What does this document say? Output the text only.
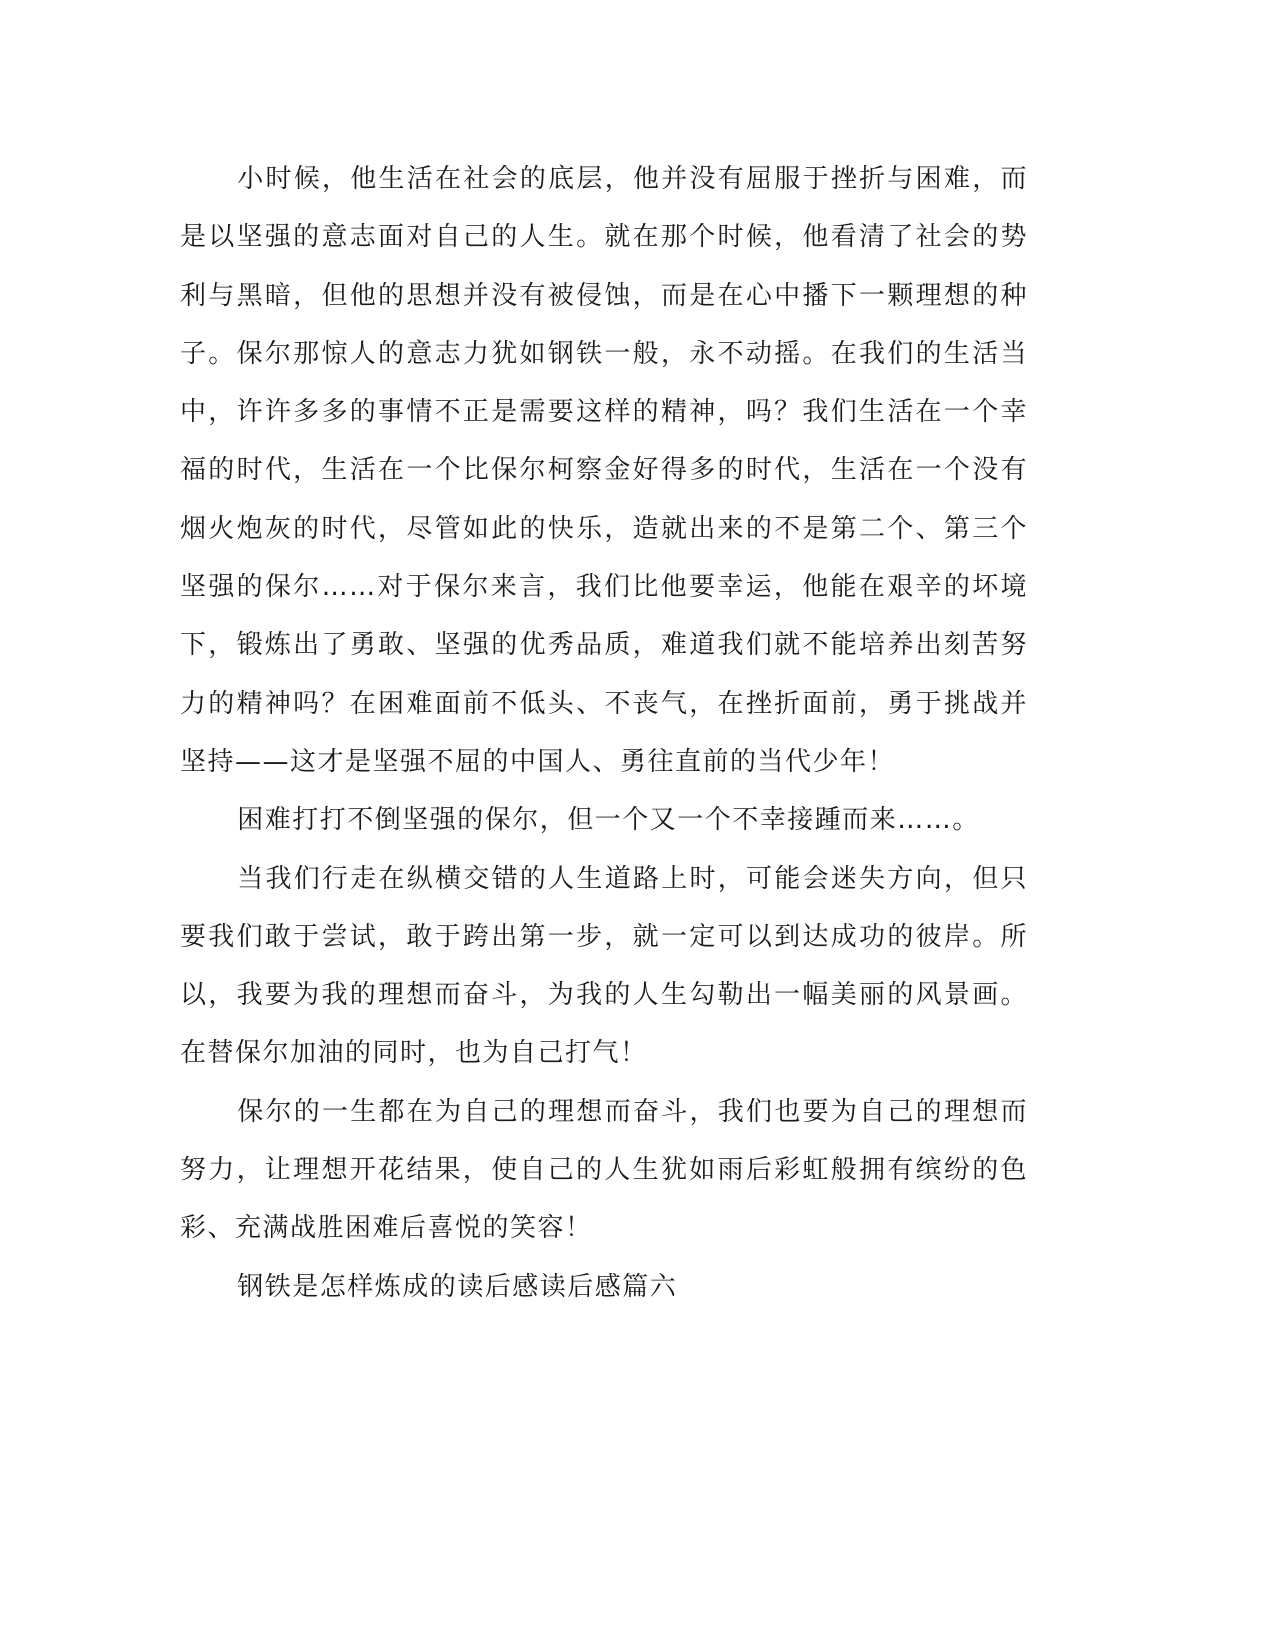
小时候，他生活在社会的底层，他并没有屈服于挫折与困难，而是以坚强的意志面对自己的人生。就在那个时候，他看清了社会的势利与黑暗，但他的思想并没有被侵蚀，而是在心中播下一颗理想的种子。保尔那惊人的意志力犹如钢铁一般，永不动摇。在我们的生活当中，许许多多的事情不正是需要这样的精神，吗？我们生活在一个幸福的时代，生活在一个比保尔柯察金好得多的时代，生活在一个没有烟火炮灰的时代，尽管如此的快乐，造就出来的不是第二个、第三个坚强的保尔……对于保尔来言，我们比他要幸运，他能在艰辛的坏境下，锻炼出了勇敢、坚强的优秀品质，难道我们就不能培养出刻苦努力的精神吗？在困难面前不低头、不丧气，在挫折面前，勇于挑战并坚持——这才是坚强不屈的中国人、勇往直前的当代少年！

困难打打不倒坚强的保尔，但一个又一个不幸接踵而来……。

当我们行走在纵横交错的人生道路上时，可能会迷失方向，但只要我们敢于尝试，敢于跨出第一步，就一定可以到达成功的彼岸。所以，我要为我的理想而奋斗，为我的人生勾勒出一幅美丽的风景画。在替保尔加油的同时，也为自己打气！

保尔的一生都在为自己的理想而奋斗，我们也要为自己的理想而努力，让理想开花结果，使自己的人生犹如雨后彩虹般拥有缤纷的色彩、充满战胜困难后喜悦的笑容！

钢铁是怎样炼成的读后感读后感篇六
